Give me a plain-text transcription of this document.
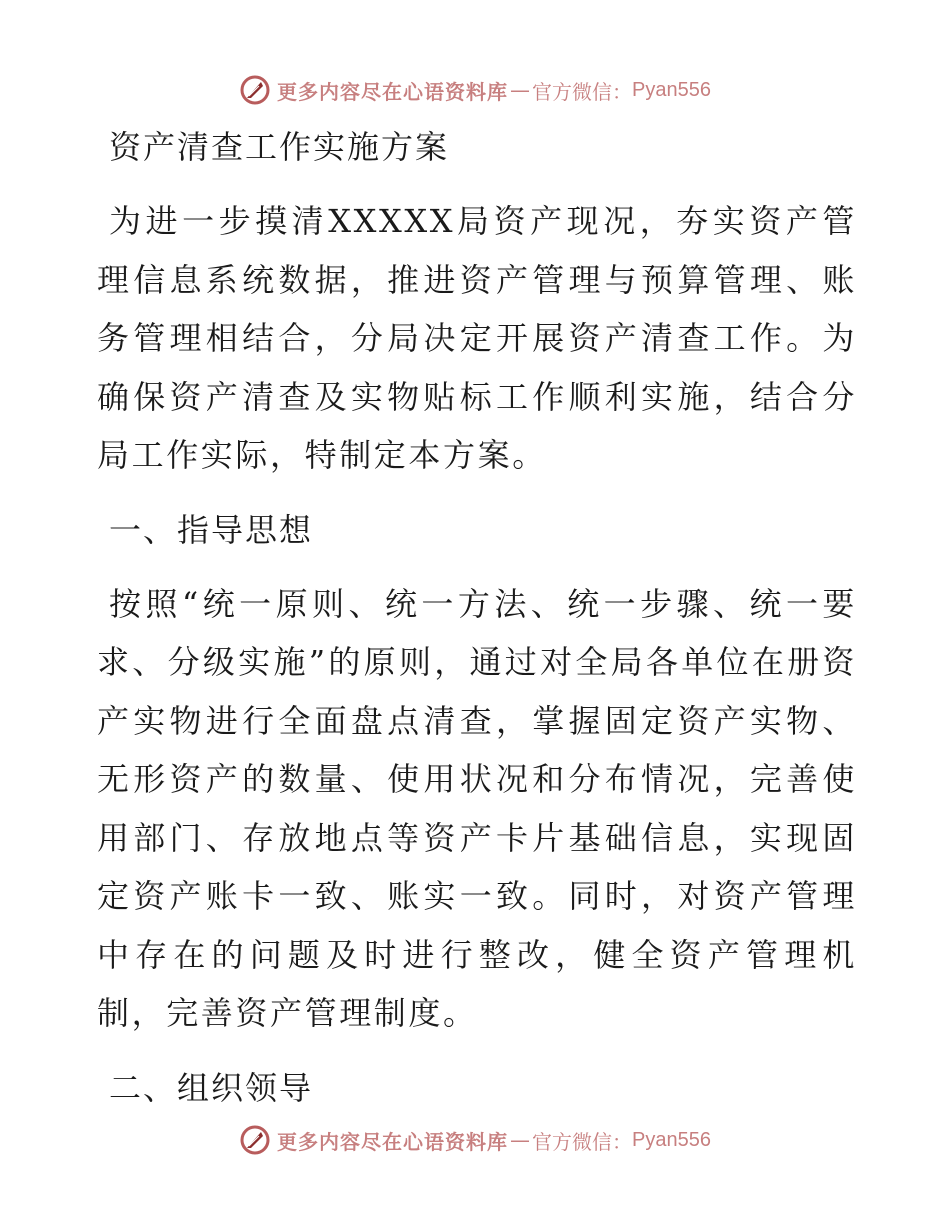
更多内容尽在心语资料库 — 官方微信： Pyan556
资产清查工作实施方案

为进一步摸清XXXXX局资产现况，夯实资产管理信息系统数据，推进资产管理与预算管理、账务管理相结合，分局决定开展资产清查工作。为确保资产清查及实物贴标工作顺利实施，结合分局工作实际，特制定本方案。

一、指导思想

按照“统一原则、统一方法、统一步骤、统一要求、分级实施”的原则，通过对全局各单位在册资产实物进行全面盘点清查，掌握固定资产实物、无形资产的数量、使用状况和分布情况，完善使用部门、存放地点等资产卡片基础信息，实现固定资产账卡一致、账实一致。同时，对资产管理中存在的问题及时进行整改，健全资产管理机制，完善资产管理制度。

二、组织领导
更多内容尽在心语资料库 — 官方微信： Pyan556
